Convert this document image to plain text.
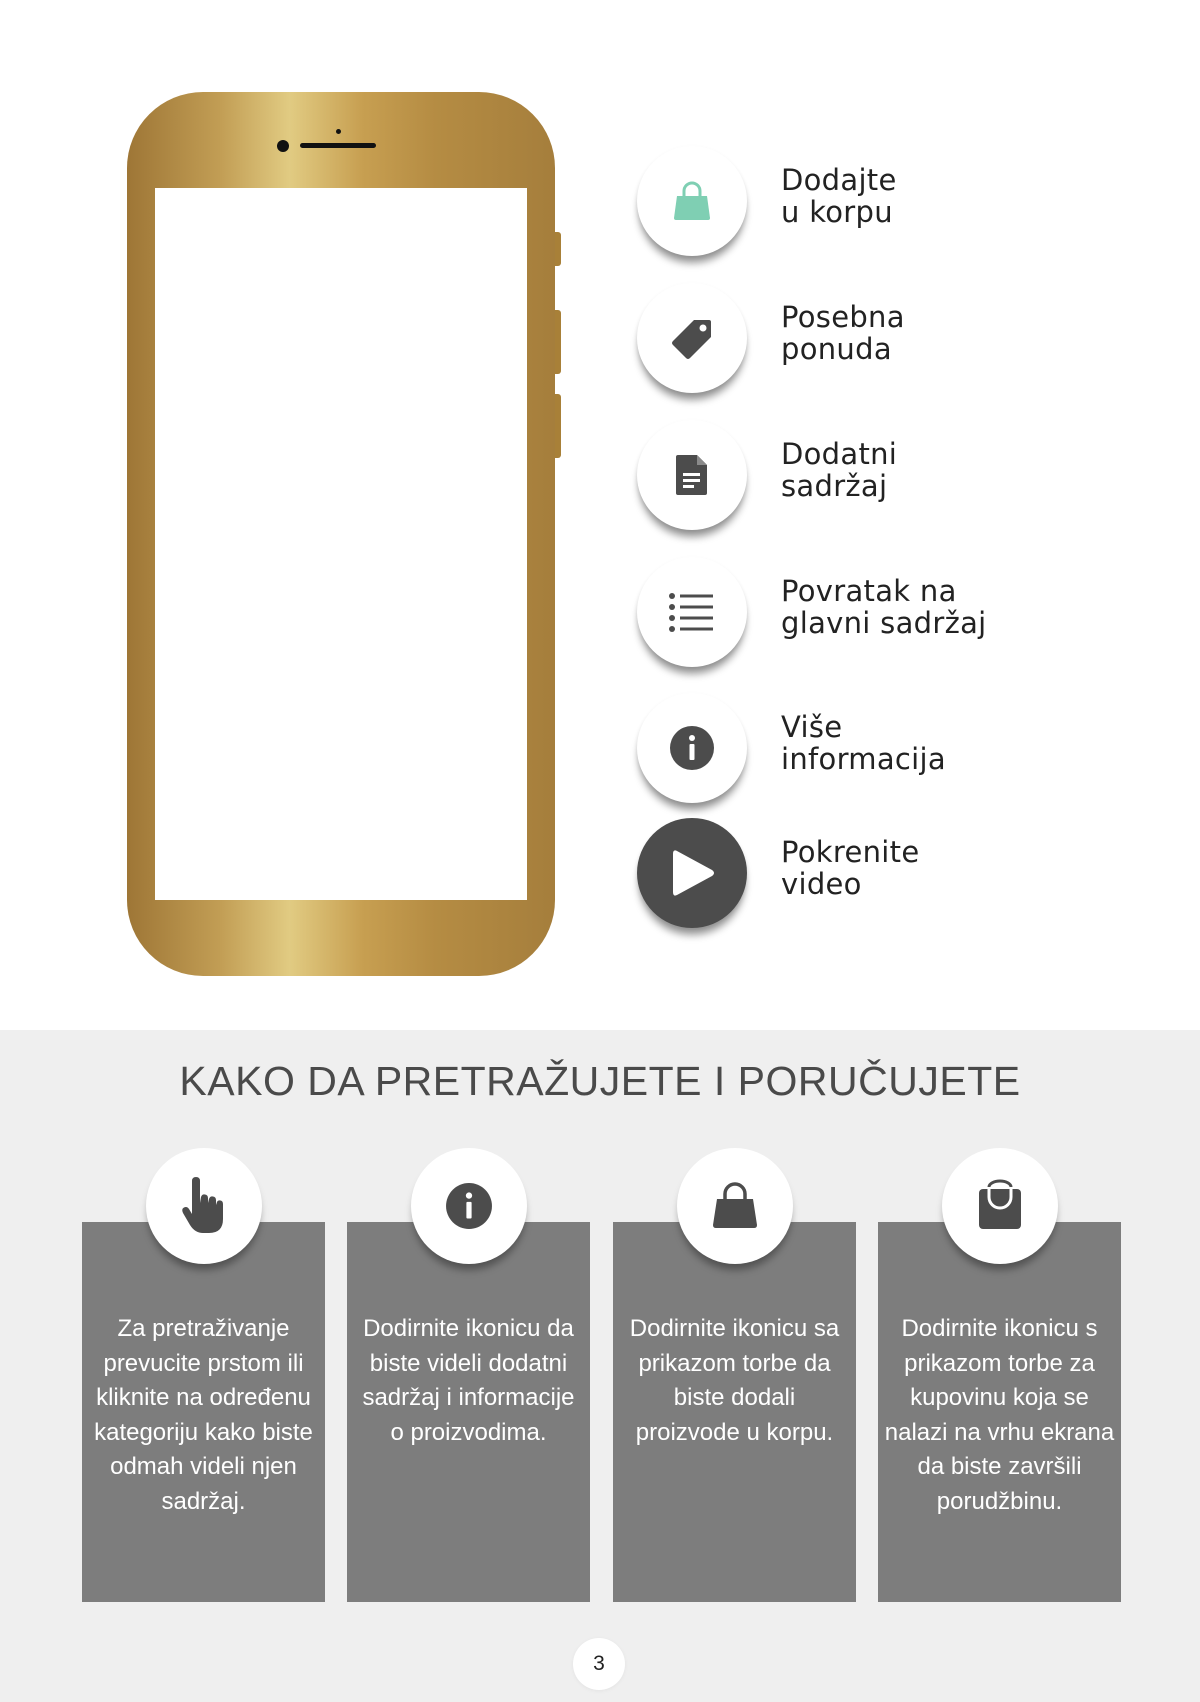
Dodajte
u korpu
Posebna
ponuda
Dodatni
sadržaj
Povratak na
glavni sadržaj
Više
informacija
Pokrenite
video
KAKO DA PRETRAŽUJETE I PORUČUJETE
Za pretraživanje prevucite prstom ili kliknite na određenu kategoriju kako biste odmah videli njen sadržaj.
Dodirnite ikonicu da biste videli dodatni sadržaj i informacije o proizvodima.
Dodirnite ikonicu sa prikazom torbe da biste dodali proizvode u korpu.
Dodirnite ikonicu s prikazom torbe za kupovinu koja se nalazi na vrhu ekrana da biste završili porudžbinu.
3
